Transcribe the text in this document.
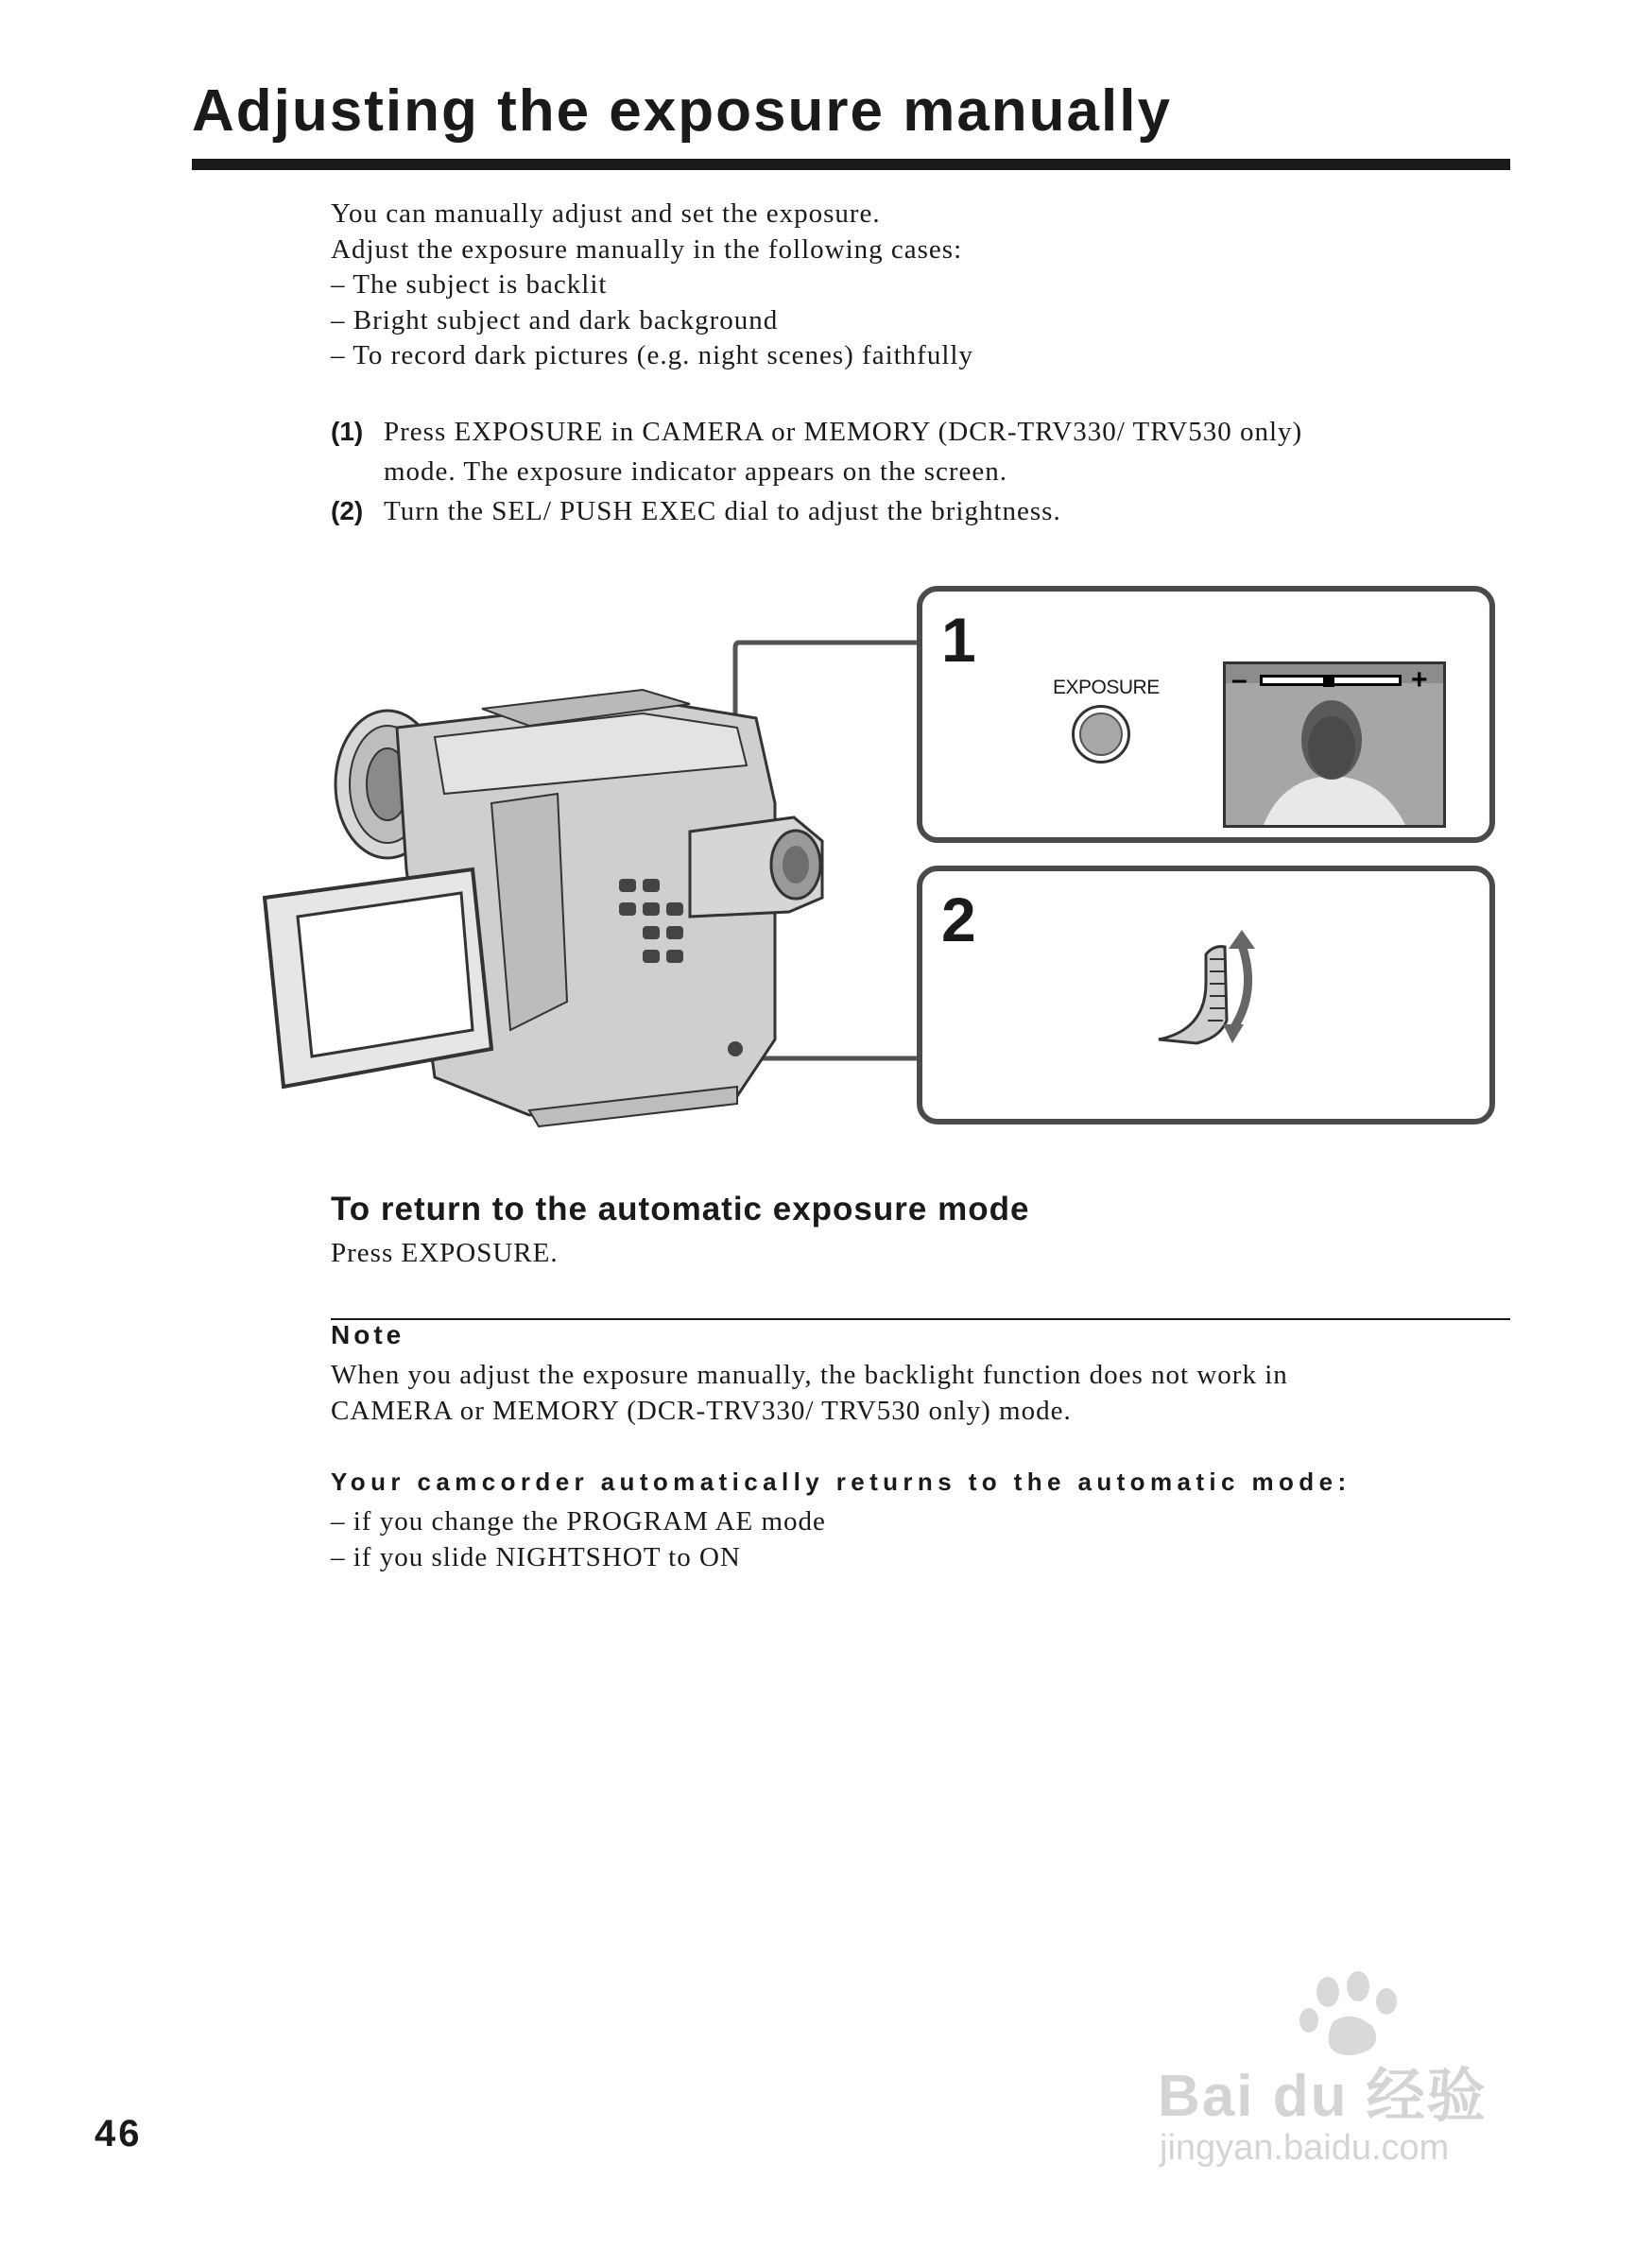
Adjusting the exposure manually
You can manually adjust and set the exposure.
Adjust the exposure manually in the following cases:
– The subject is backlit
– Bright subject and dark background
– To record dark pictures (e.g. night scenes) faithfully
(1) Press EXPOSURE in CAMERA or MEMORY (DCR-TRV330/ TRV530 only)
mode. The exposure indicator appears on the screen.
(2) Turn the SEL/ PUSH EXEC dial to adjust the brightness.
1
EXPOSURE	–	+
2
To return to the automatic exposure mode
Press EXPOSURE.
Note
When you adjust the exposure manually, the backlight function does not work in
CAMERA or MEMORY (DCR-TRV330/ TRV530 only) mode.
Your camcorder automatically returns to the automatic mode:
– if you change the PROGRAM AE mode
– if you slide NIGHTSHOT to ON
46
Bai du 经验
jingyan.baidu.com
